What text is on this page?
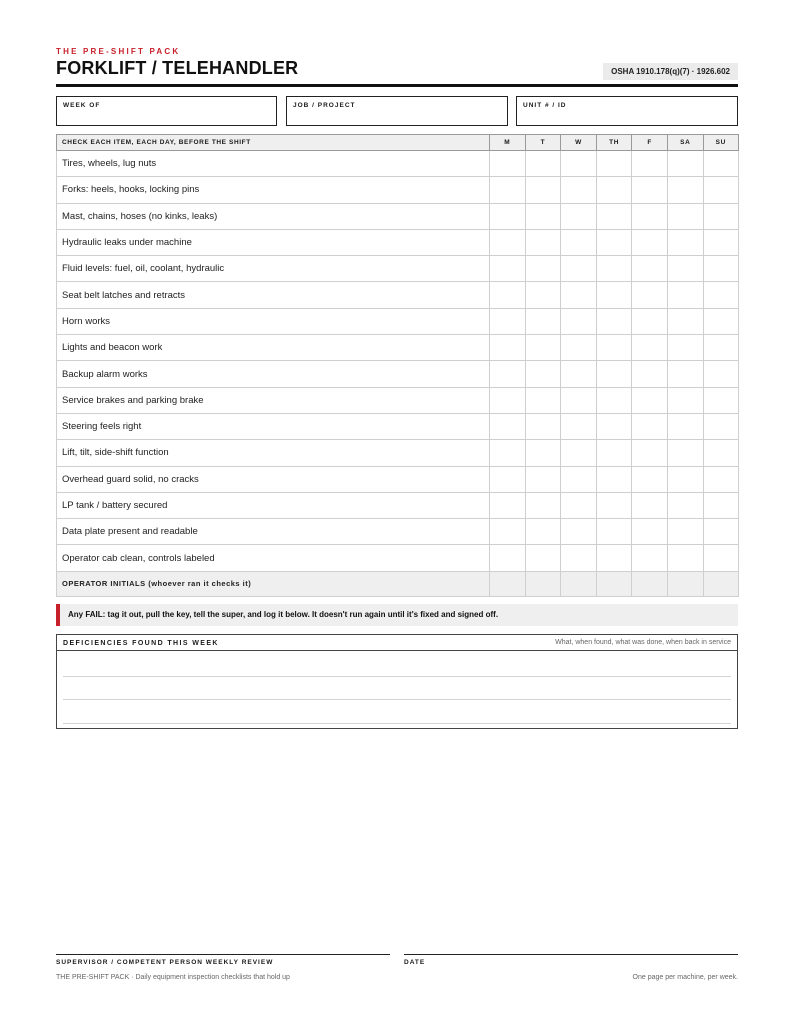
THE PRE-SHIFT PACK
FORKLIFT / TELEHANDLER	OSHA 1910.178(q)(7) · 1926.602
WEEK OF	JOB / PROJECT	UNIT # / ID
CHECK EACH ITEM, EACH DAY, BEFORE THE SHIFT	M	T	W	TH	F	SA	SU
Tires, wheels, lug nuts							
Forks: heels, hooks, locking pins							
Mast, chains, hoses (no kinks, leaks)							
Hydraulic leaks under machine							
Fluid levels: fuel, oil, coolant, hydraulic							
Seat belt latches and retracts							
Horn works							
Lights and beacon work							
Backup alarm works							
Service brakes and parking brake							
Steering feels right							
Lift, tilt, side-shift function							
Overhead guard solid, no cracks							
LP tank / battery secured							
Data plate present and readable							
Operator cab clean, controls labeled							
OPERATOR INITIALS (whoever ran it checks it)							
Any FAIL: tag it out, pull the key, tell the super, and log it below. It doesn't run again until it's fixed and signed off.
DEFICIENCIES FOUND THIS WEEK	What, when found, what was done, when back in service
SUPERVISOR / COMPETENT PERSON WEEKLY REVIEW	DATE
THE PRE-SHIFT PACK · Daily equipment inspection checklists that hold up	One page per machine, per week.
